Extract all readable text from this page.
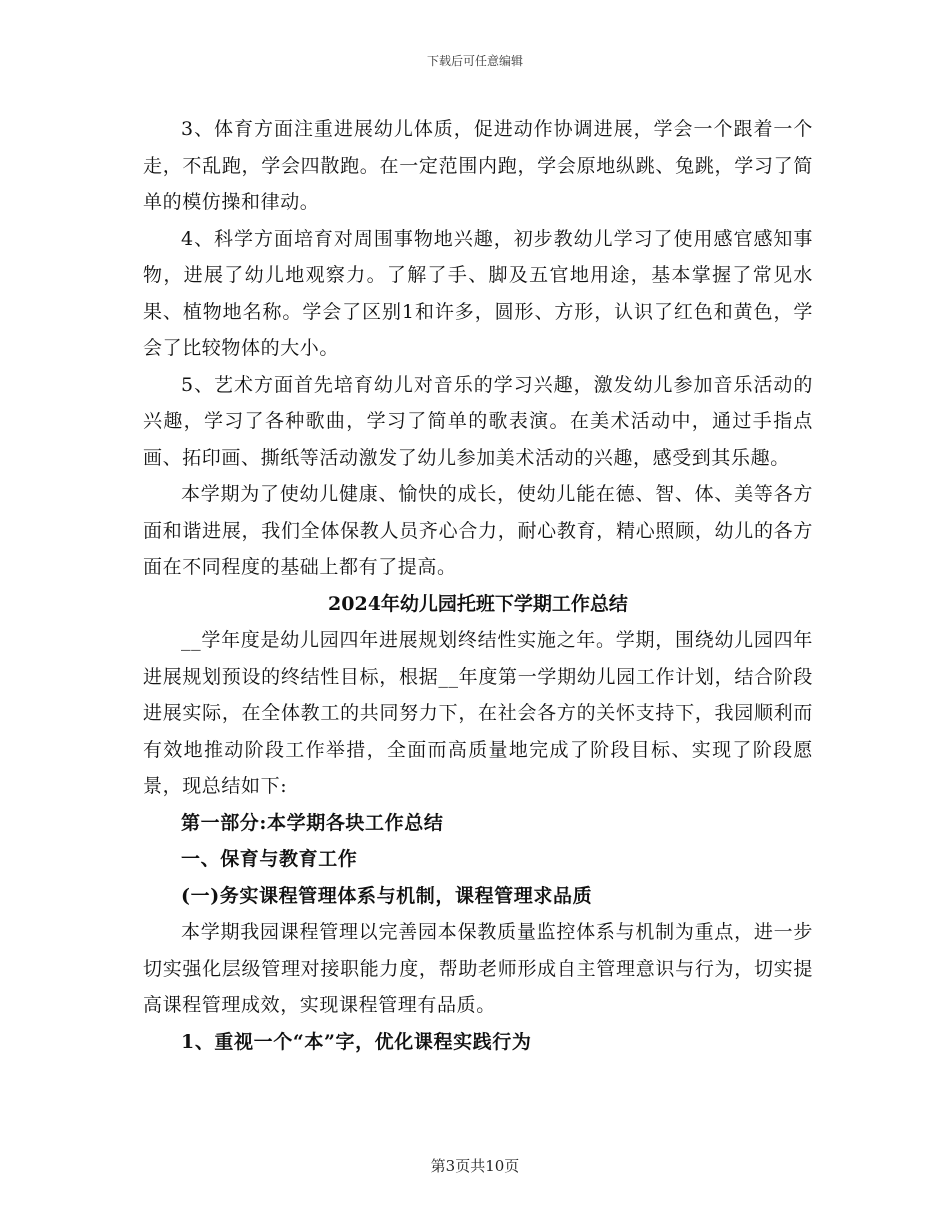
下载后可任意编辑

3、体育方面注重进展幼儿体质，促进动作协调进展，学会一个跟着一个走，不乱跑，学会四散跑。在一定范围内跑，学会原地纵跳、兔跳，学习了简单的模仿操和律动。

4、科学方面培育对周围事物地兴趣，初步教幼儿学习了使用感官感知事物，进展了幼儿地观察力。了解了手、脚及五官地用途，基本掌握了常见水果、植物地名称。学会了区别1和许多，圆形、方形，认识了红色和黄色，学会了比较物体的大小。

5、艺术方面首先培育幼儿对音乐的学习兴趣，激发幼儿参加音乐活动的兴趣，学习了各种歌曲，学习了简单的歌表演。在美术活动中，通过手指点画、拓印画、撕纸等活动激发了幼儿参加美术活动的兴趣，感受到其乐趣。

本学期为了使幼儿健康、愉快的成长，使幼儿能在德、智、体、美等各方面和谐进展，我们全体保教人员齐心合力，耐心教育，精心照顾，幼儿的各方面在不同程度的基础上都有了提高。

2024年幼儿园托班下学期工作总结

__学年度是幼儿园四年进展规划终结性实施之年。学期，围绕幼儿园四年进展规划预设的终结性目标，根据__年度第一学期幼儿园工作计划，结合阶段进展实际，在全体教工的共同努力下，在社会各方的关怀支持下，我园顺利而有效地推动阶段工作举措，全面而高质量地完成了阶段目标、实现了阶段愿景，现总结如下:

第一部分:本学期各块工作总结

一、保育与教育工作

(一)务实课程管理体系与机制，课程管理求品质

本学期我园课程管理以完善园本保教质量监控体系与机制为重点，进一步切实强化层级管理对接职能力度，帮助老师形成自主管理意识与行为，切实提高课程管理成效，实现课程管理有品质。

1、重视一个“本”字，优化课程实践行为

第3页共10页
